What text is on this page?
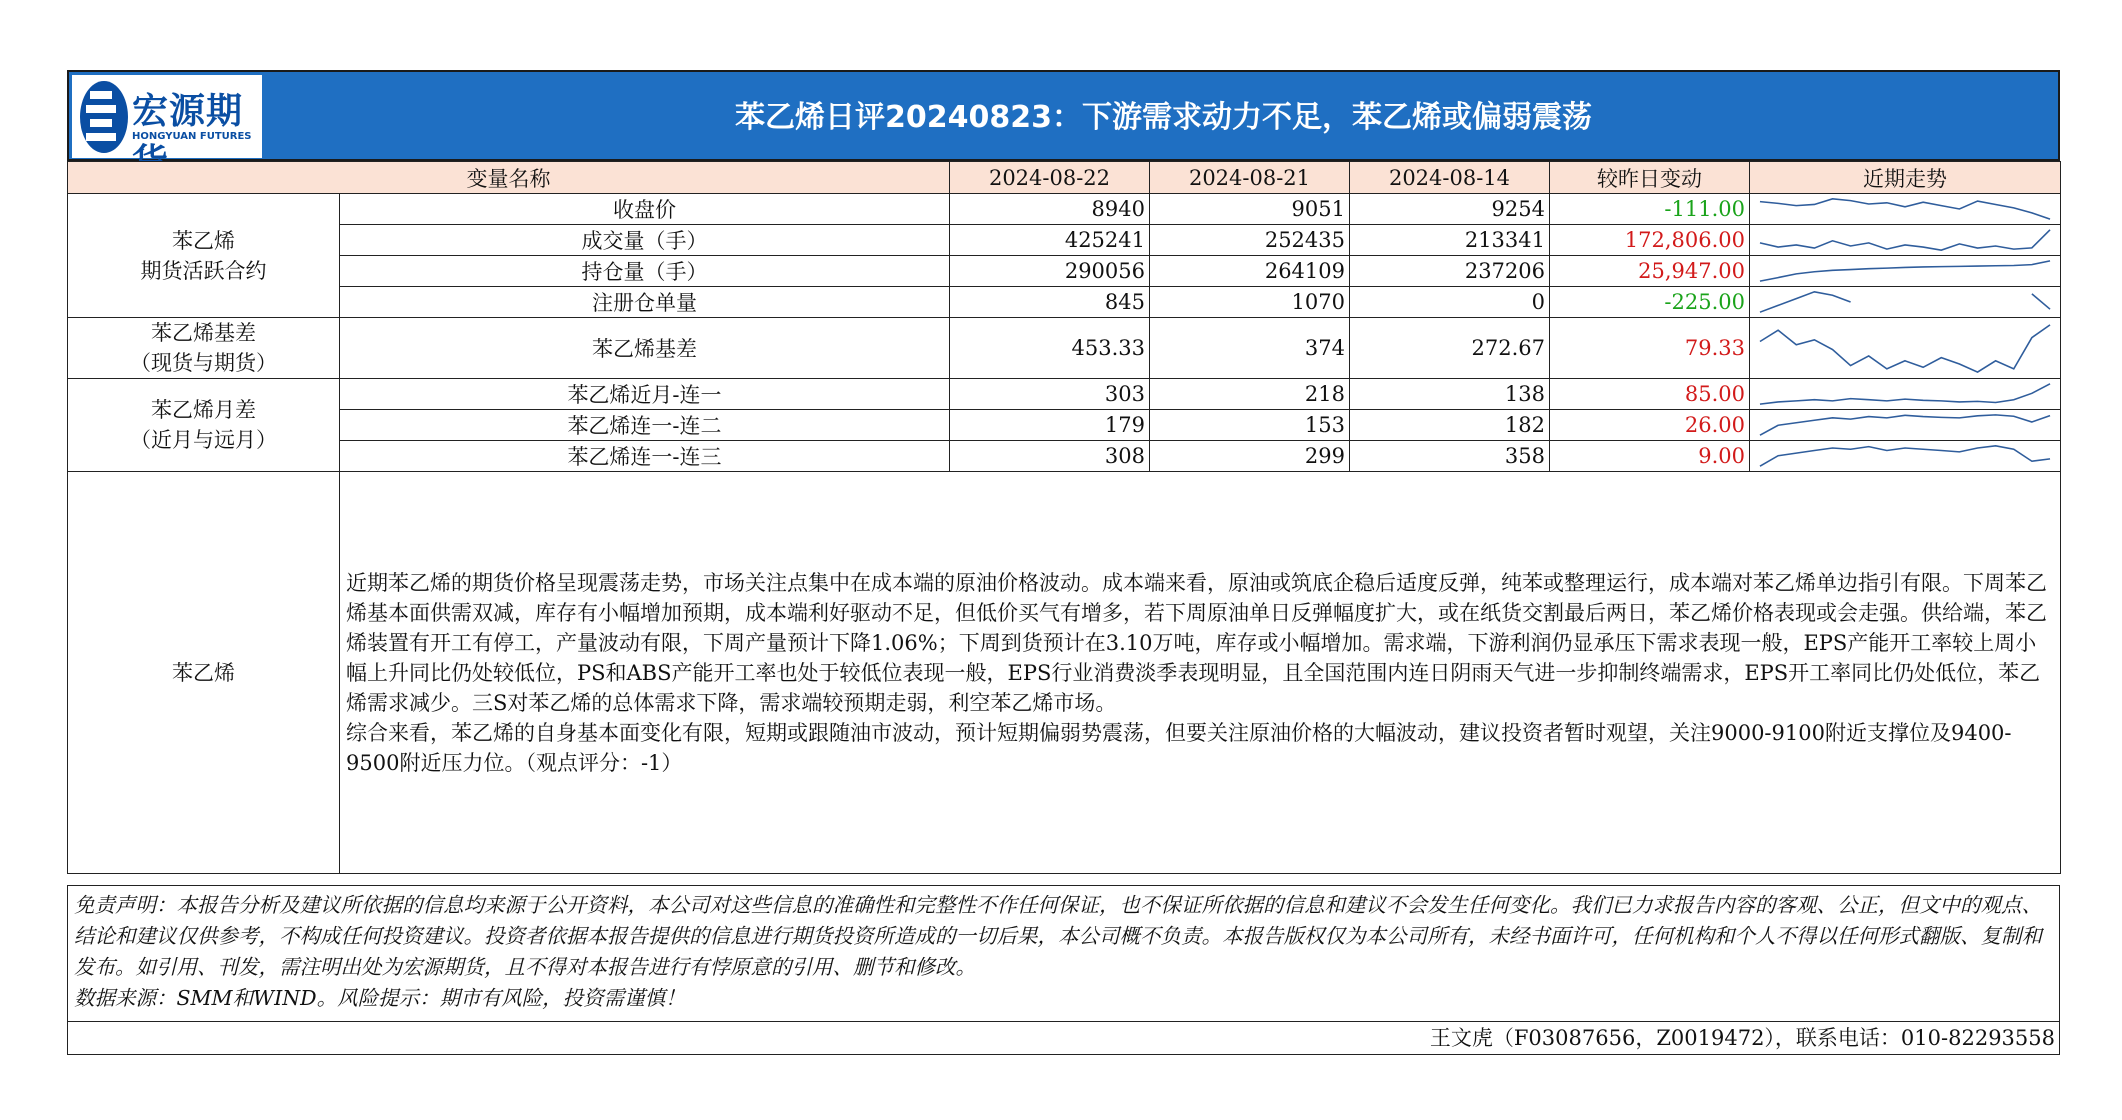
宏源期
HONGYUAN FUTURES
苯乙烯日评20240823：下游需求动力不足，苯乙烯或偏弱震荡
变量名称		2024-08-22	2024-08-21	2024-08-14	较昨日变动	近期走势
苯乙烯
期货活跃合约	收盘价	8940	9051	9254	-111.00	

	成交量（手）	425241	252435	213341	172,806.00	

	持仓量（手）	290056	264109	237206	25,947.00	

	注册仓单量	845	1070	0	-225.00	

苯乙烯基差
（现货与期货）	苯乙烯基差	453.33	374	272.67	79.33	

苯乙烯月差
（近月与远月）	苯乙烯近月-连一	303	218	138	85.00	

	苯乙烯连一-连二	179	153	182	26.00	

	苯乙烯连一-连三	308	299	358	9.00	

苯乙烯	近期苯乙烯的期货价格呈现震荡走势，市场关注点集中在成本端的原油价格波动。成本端来看，原油或筑底企稳后适度反弹，纯苯或整理运行，成本端对苯乙烯单边指引有限。下周苯乙烯基本面供需双减，库存有小幅增加预期，成本端利好驱动不足，但低价买气有增多，若下周原油单日反弹幅度扩大，或在纸货交割最后两日，苯乙烯价格表现或会走强。供给端，苯乙烯装置有开工有停工，产量波动有限，下周产量预计下降1.06%；下周到货预计在3.10万吨，库存或小幅增加。需求端，下游利润仍显承压下需求表现一般，EPS产能开工率较上周小幅上升同比仍处较低位，PS和ABS产能开工率也处于较低位表现一般，EPS行业消费淡季表现明显，且全国范围内连日阴雨天气进一步抑制终端需求，EPS开工率同比仍处低位，苯乙烯需求减少。三S对苯乙烯的总体需求下降，需求端较预期走弱，利空苯乙烯市场。

综合来看，苯乙烯的自身基本面变化有限，短期或跟随油市波动，预计短期偏弱势震荡，但要关注原油价格的大幅波动，建议投资者暂时观望，关注9000-9100附近支撑位及9400-9500附近压力位。（观点评分：-1）					

免责声明：本报告分析及建议所依据的信息均来源于公开资料，本公司对这些信息的准确性和完整性不作任何保证，也不保证所依据的信息和建议不会发生任何变化。我们已力求报告内容的客观、公正，但文中的观点、结论和建议仅供参考，不构成任何投资建议。投资者依据本报告提供的信息进行期货投资所造成的一切后果，本公司概不负责。本报告版权仅为本公司所有，未经书面许可，任何机构和个人不得以任何形式翻版、复制和发布。如引用、刊发，需注明出处为宏源期货，且不得对本报告进行有悖原意的引用、删节和修改。

数据来源：SMM和WIND。风险提示：期市有风险，投资需谨慎！

王文虎（F03087656，Z0019472），联系电话：010-82293558
